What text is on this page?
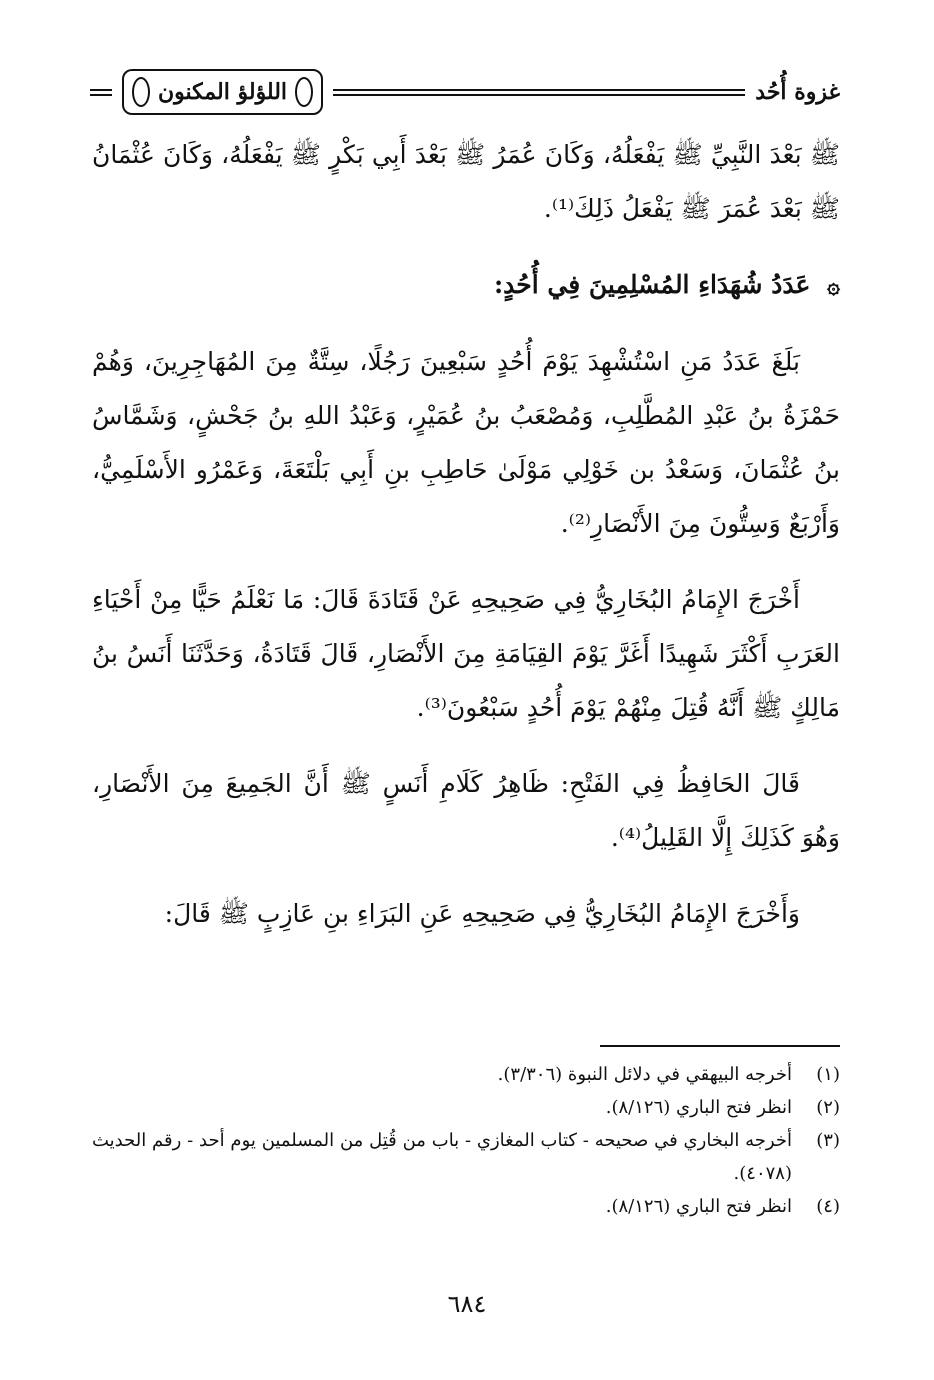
غزوة أُحُد
اللؤلؤ المكنون

ﷺ بَعْدَ النَّبِيِّ ﷺ يَفْعَلُهُ، وَكَانَ عُمَرُ ﷺ بَعْدَ أَبِي بَكْرٍ ﷺ يَفْعَلُهُ، وَكَانَ عُثْمَانُ ﷺ بَعْدَ عُمَرَ ﷺ يَفْعَلُ ذَلِكَ⁽¹⁾.

۞ عَدَدُ شُهَدَاءِ المُسْلِمِينَ فِي أُحُدٍ:

بَلَغَ عَدَدُ مَنِ اسْتُشْهِدَ يَوْمَ أُحُدٍ سَبْعِينَ رَجُلًا، سِتَّةٌ مِنَ المُهَاجِرِينَ، وَهُمْ حَمْزَةُ بنُ عَبْدِ المُطَّلِبِ، وَمُصْعَبُ بنُ عُمَيْرٍ، وَعَبْدُ اللهِ بنُ جَحْشٍ، وَشَمَّاسُ بنُ عُثْمَانَ، وَسَعْدُ بن خَوْلِي مَوْلَىٰ حَاطِبِ بنِ أَبِي بَلْتَعَةَ، وَعَمْرُو الأَسْلَمِيُّ، وَأَرْبَعٌ وَسِتُّونَ مِنَ الأَنْصَارِ⁽²⁾.

أَخْرَجَ الإِمَامُ البُخَارِيُّ فِي صَحِيحِهِ عَنْ قَتَادَةَ قَالَ: مَا نَعْلَمُ حَيًّا مِنْ أَحْيَاءِ العَرَبِ أَكْثَرَ شَهِيدًا أَغَرَّ يَوْمَ القِيَامَةِ مِنَ الأَنْصَارِ، قَالَ قَتَادَةُ، وَحَدَّثَنَا أَنَسُ بنُ مَالِكٍ ﷺ أَنَّهُ قُتِلَ مِنْهُمْ يَوْمَ أُحُدٍ سَبْعُونَ⁽³⁾.

قَالَ الحَافِظُ فِي الفَتْحِ: ظَاهِرُ كَلَامِ أَنَسٍ ﷺ أَنَّ الجَمِيعَ مِنَ الأَنْصَارِ، وَهُوَ كَذَلِكَ إِلَّا القَلِيلُ⁽⁴⁾.

وَأَخْرَجَ الإِمَامُ البُخَارِيُّ فِي صَحِيحِهِ عَنِ البَرَاءِ بنِ عَازِبٍ ﷺ قَالَ:

(١)
أخرجه البيهقي في دلائل النبوة (٣/٣٠٦).
(٢)
انظر فتح الباري (٨/١٢٦).
(٣)
أخرجه البخاري في صحيحه - كتاب المغازي - باب من قُتِل من المسلمين يوم أحد - رقم الحديث (٤٠٧٨).
(٤)
انظر فتح الباري (٨/١٢٦).
٦٨٤
